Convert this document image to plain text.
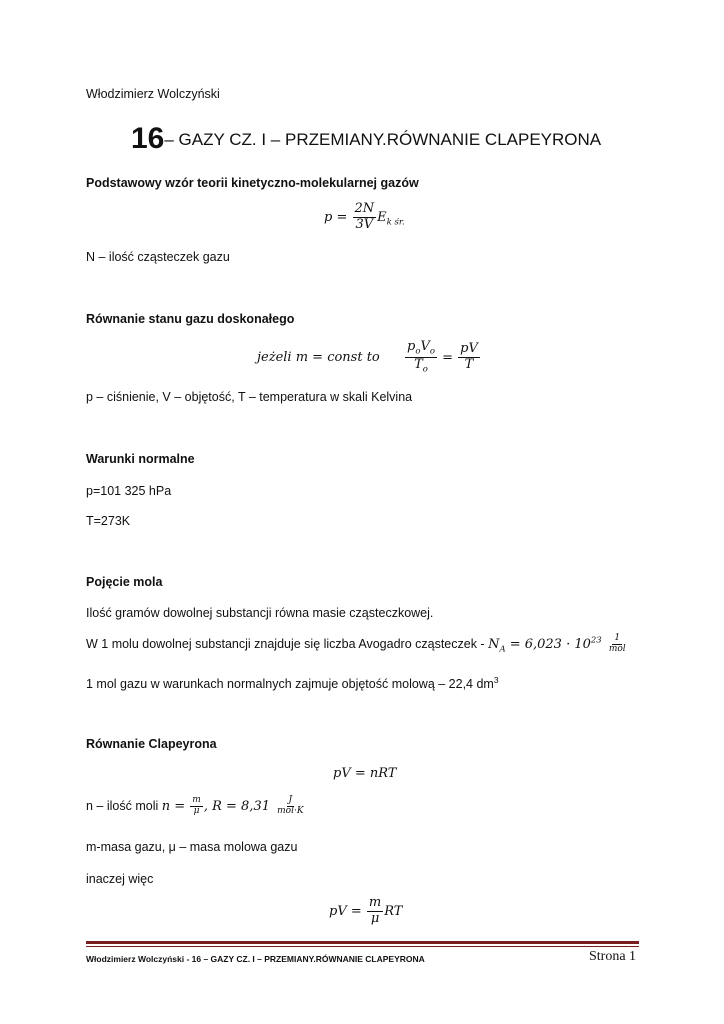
Włodzimierz Wolczyński
16– GAZY CZ. I – PRZEMIANY.RÓWNANIE CLAPEYRONA
Podstawowy wzór teorii kinetyczno-molekularnej gazów
$p = \frac{2N}{3V} E_{k śr.}$
N – ilość cząsteczek gazu
Równanie stanu gazu doskonałego
jeżeli m = const to $\frac{p_oV_o}{T_o} = \frac{pV}{T}$
p – ciśnienie, V – objętość, T – temperatura w skali Kelvina
Warunki normalne
p=101 325 hPa
T=273K
Pojęcie mola
Ilość gramów dowolnej substancji równa masie cząsteczkowej.
W 1 molu dowolnej substancji znajduje się liczba Avogadro cząsteczek - $N_A = 6,023 \cdot 10^{23} \frac{1}{\text{mol}}$
1 mol gazu w warunkach normalnych zajmuje objętość molową – 22,4 $dm^3$
Równanie Clapeyrona
pV = nRT
n – ilość moli $n = \frac{m}{\mu}$ , $R = 8,31 \frac{J}{\text{mol·K}}$
m-masa gazu, μ – masa molowa gazu
inaczej więc
pV = $\frac{m}{\mu}$ RT
Włodzimierz Wolczyński - 16 – GAZY CZ. I – PRZEMIANY.RÓWNANIE CLAPEYRONA	Strona 1
